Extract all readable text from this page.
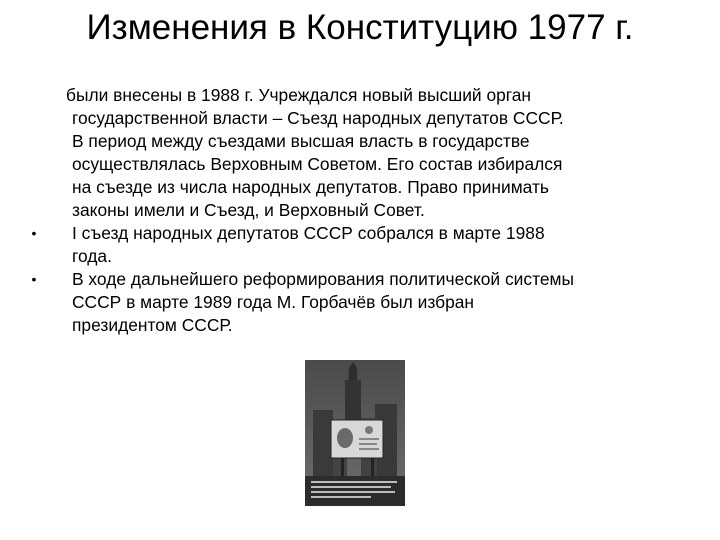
Изменения в Конституцию 1977 г.
были внесены в 1988 г. Учреждался новый высший орган
государственной власти – Съезд народных депутатов СССР.
В период между съездами высшая власть в государстве
осуществлялась Верховным Советом. Его состав избирался
на съезде из числа народных депутатов. Право принимать
законы имели и Съезд, и Верховный Совет.
•	I съезд народных депутатов СССР собрался в марте 1988
года.
•	В ходе дальнейшего реформирования политической системы
СССР в марте 1989 года М. Горбачёв был избран
президентом СССР.
